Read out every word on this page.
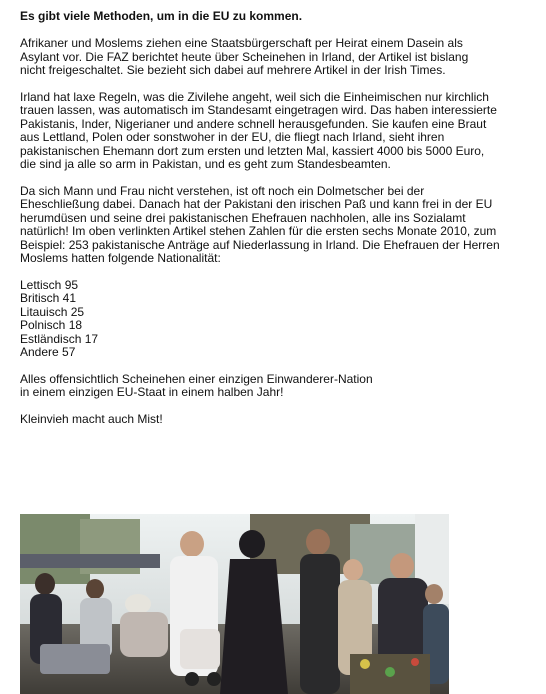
Es gibt viele Methoden, um in die EU zu kommen.
Afrikaner und Moslems ziehen eine Staatsbürgerschaft per Heirat einem Dasein als
Asylant vor. Die FAZ berichtet heute über Scheinehen in Irland, der Artikel ist bislang
nicht freigeschaltet. Sie bezieht sich dabei auf mehrere Artikel in der Irish Times.
Irland hat laxe Regeln, was die Zivilehe angeht, weil sich die Einheimischen nur kirchlich
trauen lassen, was automatisch im Standesamt eingetragen wird. Das haben interessierte
Pakistanis, Inder, Nigerianer und andere schnell herausgefunden. Sie kaufen eine Braut
aus Lettland, Polen oder sonstwoher in der EU, die fliegt nach Irland, sieht ihren
pakistanischen Ehemann dort zum ersten und letzten Mal, kassiert 4000 bis 5000 Euro,
die sind ja alle so arm in Pakistan, und es geht zum Standesbeamten.
Da sich Mann und Frau nicht verstehen, ist oft noch ein Dolmetscher bei der
Eheschließung dabei. Danach hat der Pakistani den irischen Paß und kann frei in der EU
herumdüsen und seine drei pakistanischen Ehefrauen nachholen, alle ins Sozialamt
natürlich! Im oben verlinkten Artikel stehen Zahlen für die ersten sechs Monate 2010, zum
Beispiel: 253 pakistanische Anträge auf Niederlassung in Irland. Die Ehefrauen der Herren
Moslems hatten folgende Nationalität:
Lettisch 95
Britisch 41
Litauisch 25
Polnisch 18
Estländisch 17
Andere 57
Alles offensichtlich Scheinehen einer einzigen Einwanderer-Nation
in einem einzigen EU-Staat in einem halben Jahr!
Kleinvieh macht auch Mist!
